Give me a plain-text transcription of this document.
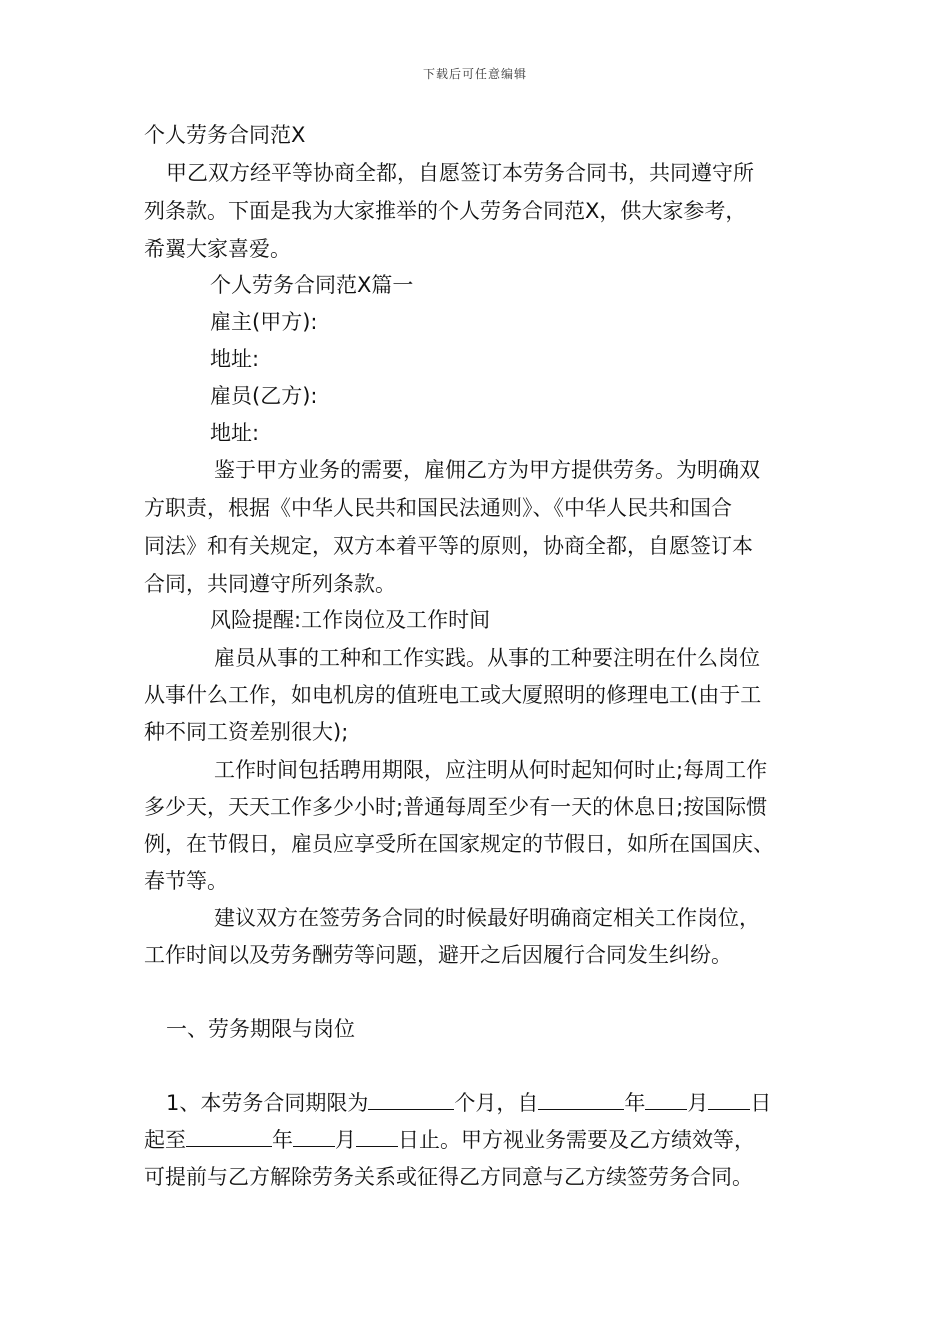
下载后可任意编辑
个人劳务合同范X
甲乙双方经平等协商全都，自愿签订本劳务合同书，共同遵守所
列条款。下面是我为大家推举的个人劳务合同范X，供大家参考，
希翼大家喜爱。
个人劳务合同范X篇一
雇主(甲方):
地址:
雇员(乙方):
地址:
鉴于甲方业务的需要，雇佣乙方为甲方提供劳务。为明确双
方职责，根据《中华人民共和国民法通则》、《中华人民共和国合
同法》和有关规定，双方本着平等的原则，协商全都，自愿签订本
合同，共同遵守所列条款。
风险提醒:工作岗位及工作时间
雇员从事的工种和工作实践。从事的工种要注明在什么岗位
从事什么工作，如电机房的值班电工或大厦照明的修理电工(由于工
种不同工资差别很大);
工作时间包括聘用期限，应注明从何时起知何时止;每周工作
多少天，天天工作多少小时;普通每周至少有一天的休息日;按国际惯
例，在节假日，雇员应享受所在国家规定的节假日，如所在国国庆、
春节等。
建议双方在签劳务合同的时候最好明确商定相关工作岗位，
工作时间以及劳务酬劳等问题，避开之后因履行合同发生纠纷。
一、劳务期限与岗位
1、本劳务合同期限为	个月，自	年 月 日
起至	年 月 日止。甲方视业务需要及乙方绩效等，
可提前与乙方解除劳务关系或征得乙方同意与乙方续签劳务合同。
